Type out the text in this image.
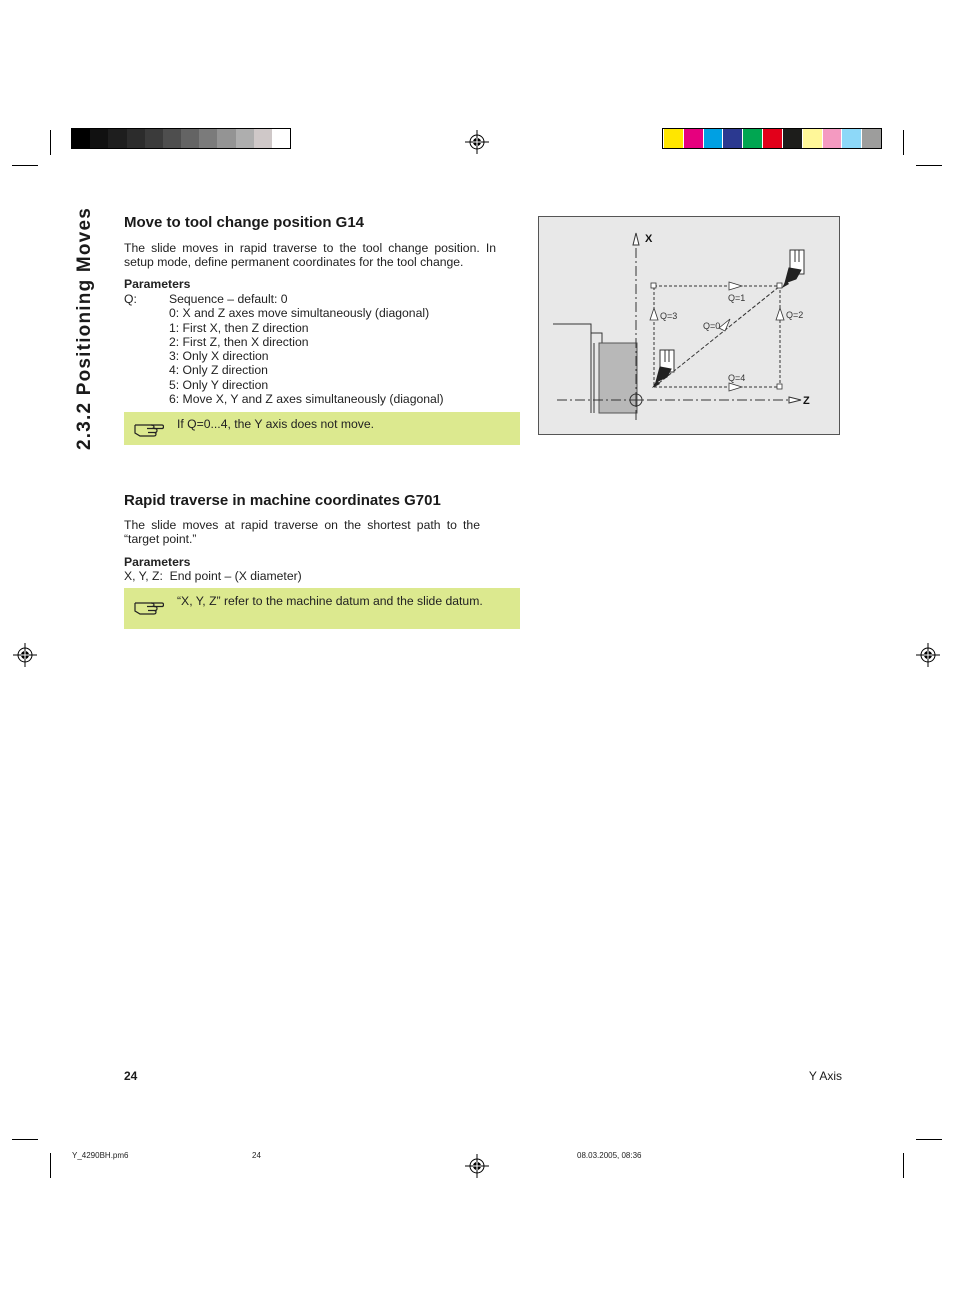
2.3.2 Positioning Moves Move to tool change position G14
The slide moves in rapid traverse to the tool change position. In setup mode, define permanent coordinates for the tool change.
Parameters
Q:	Sequence – default: 0
0: X and Z axes move simultaneously (diagonal)
1: First X, then Z direction
2: First Z, then X direction
3: Only X direction
4: Only Z direction
5: Only Y direction
6: Move X, Y and Z axes simultaneously (diagonal)
If Q=0...4, the Y axis does not move.
Rapid traverse in machine coordinates G701
The slide moves at rapid traverse on the shortest path to the “target point.”
Parameters
X, Y, Z:  End point – (X diameter)
“X, Y, Z” refer to the machine datum and the slide datum.
X
Z
Q=1
Q=3
Q=0
Q=2
Q=4
24	Y Axis
Y_4290BH.pm6	24	08.03.2005, 08:36
